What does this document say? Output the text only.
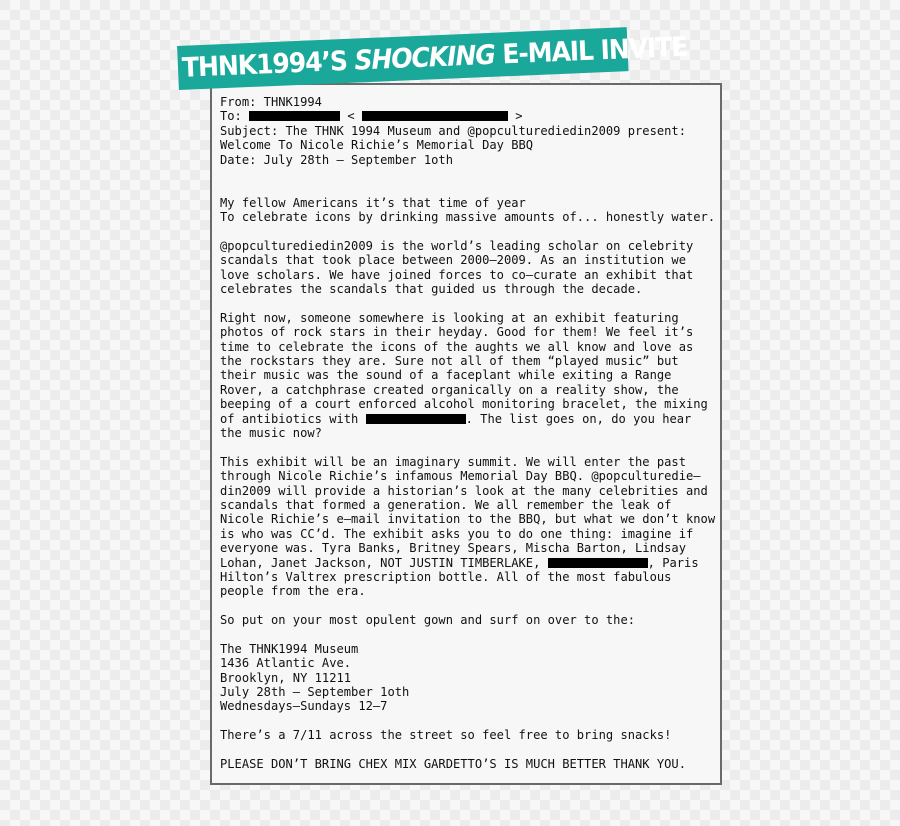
THNK1994’S SHOCKING E-MAIL INVITE
From: THNK1994
To:	<	>
Subject: The THNK 1994 Museum and @popculturediedin2009 present:
Welcome To Nicole Richie’s Memorial Day BBQ
Date: July 28th – September 1oth
My fellow Americans it’s that time of year
To celebrate icons by drinking massive amounts of... honestly water.
@popculturediedin2009 is the world’s leading scholar on celebrity
scandals that took place between 2000–2009. As an institution we
love scholars. We have joined forces to co–curate an exhibit that
celebrates the scandals that guided us through the decade.
Right now, someone somewhere is looking at an exhibit featuring
photos of rock stars in their heyday. Good for them! We feel it’s
time to celebrate the icons of the aughts we all know and love as
the rockstars they are. Sure not all of them “played music” but
their music was the sound of a faceplant while exiting a Range
Rover, a catchphrase created organically on a reality show, the
beeping of a court enforced alcohol monitoring bracelet, the mixing
of antibiotics with	. The list goes on, do you hear
the music now?
This exhibit will be an imaginary summit. We will enter the past
through Nicole Richie’s infamous Memorial Day BBQ. @popculturedie–
din2009 will provide a historian’s look at the many celebrities and
scandals that formed a generation. We all remember the leak of
Nicole Richie’s e–mail invitation to the BBQ, but what we don’t know
is who was CC’d. The exhibit asks you to do one thing: imagine if
everyone was. Tyra Banks, Britney Spears, Mischa Barton, Lindsay
Lohan, Janet Jackson, NOT JUSTIN TIMBERLAKE,	, Paris
Hilton’s Valtrex prescription bottle. All of the most fabulous
people from the era.
So put on your most opulent gown and surf on over to the:
The THNK1994 Museum
1436 Atlantic Ave.
Brooklyn, NY 11211
July 28th – September 1oth
Wednesdays–Sundays 12–7
There’s a 7/11 across the street so feel free to bring snacks!
PLEASE DON’T BRING CHEX MIX GARDETTO’S IS MUCH BETTER THANK YOU.
